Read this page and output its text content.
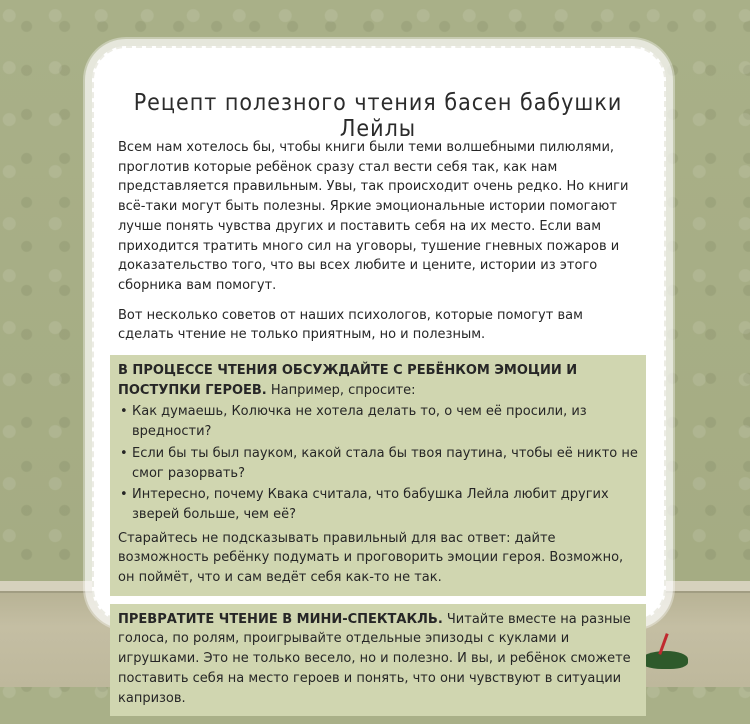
Рецепт полезного чтения басен бабушки Лейлы

Всем нам хотелось бы, чтобы книги были теми волшебными пилюлями, проглотив которые ребёнок сразу стал вести себя так, как нам представляется правильным. Увы, так происходит очень редко. Но книги всё-таки могут быть полезны. Яркие эмоциональные истории помогают лучше понять чувства других и поставить себя на их место. Если вам приходится тратить много сил на уговоры, тушение гневных пожаров и доказательство того, что вы всех любите и цените, истории из этого сборника вам помогут.

Вот несколько советов от наших психологов, которые помогут вам сделать чтение не только приятным, но и полезным.

В ПРОЦЕССЕ ЧТЕНИЯ ОБСУЖДАЙТЕ С РЕБЁНКОМ ЭМОЦИИ И ПОСТУПКИ ГЕРОЕВ. Например, спросите:

• Как думаешь, Колючка не хотела делать то, о чем её просили, из вредности?
• Если бы ты был пауком, какой стала бы твоя паутина, чтобы её никто не смог разорвать?
• Интересно, почему Квака считала, что бабушка Лейла любит других зверей больше, чем её?

Старайтесь не подсказывать правильный для вас ответ: дайте возможность ребёнку подумать и проговорить эмоции героя. Возможно, он поймёт, что и сам ведёт себя как-то не так.

ПРЕВРАТИТЕ ЧТЕНИЕ В МИНИ-СПЕКТАКЛЬ. Читайте вместе на разные голоса, по ролям, проигрывайте отдельные эпизоды с куклами и игрушками. Это не только весело, но и полезно. И вы, и ребёнок сможете поставить себя на место героев и понять, что они чувствуют в ситуации капризов.
